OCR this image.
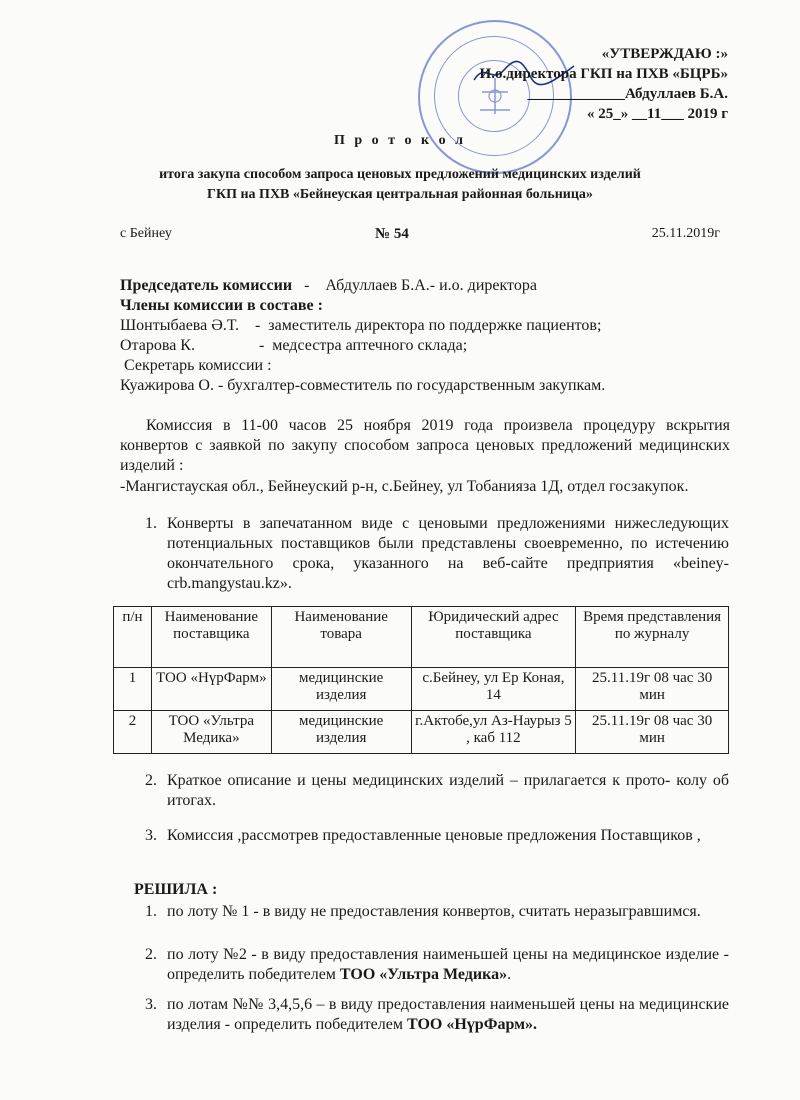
«УТВЕРЖДАЮ :»
И.о.директора ГКП на ПХВ «БЦРБ»
_____________Абдуллаев Б.А.
« 25_» __11___ 2019 г
П р о т о к о л
итога закупа способом запроса ценовых предложений медицинских изделий
ГКП на ПХВ «Бейнеуская центральная районная больница»
с Бейнеу	№ 54	25.11.2019г
Председатель комиссии   -    Абдуллаев Б.А.- и.о. директора
Члены комиссии в составе :
Шонтыбаева Ә.Т.    -  заместитель директора по поддержке пациентов;
Отарова К.                -  медсестра аптечного склада;
Секретарь комиссии :
Куажирова О. - бухгалтер-совместитель по государственным закупкам.
Комиссия в 11-00 часов 25 ноября 2019 года произвела процедуру вскрытия конвертов с заявкой по закупу способом запроса ценовых предложений медицинских изделий :
-Мангистауская обл., Бейнеуский р-н, с.Бейнеу, ул Тобанияза 1Д, отдел госзакупок.
1. Конверты в запечатанном виде с ценовыми предложениями нижеследующих потенциальных поставщиков были представлены своевременно, по истечению окончательного срока, указанного на веб-сайте предприятия «beiney-crb.mangystau.kz».
п/н	Наименование поставщика	Наименование товара	Юридический адрес поставщика	Время представления по журналу
1	ТОО «НүрФарм»	медицинские изделия	с.Бейнеу, ул Ер Коная, 14	25.11.19г 08 час 30 мин
2	ТОО «Ультра Медика»	медицинские изделия	г.Актобе,ул Аз-Наурыз 5 , каб 112	25.11.19г 08 час 30 мин
2. Краткое описание и цены медицинских изделий – прилагается к прото- колу об итогах.
3. Комиссия ,рассмотрев предоставленные ценовые предложения Поставщиков ,
РЕШИЛА :
1. по лоту № 1 - в виду не предоставления конвертов, считать неразыгравшимся.
2. по лоту №2 - в виду предоставления наименьшей цены на медицинское изделие - определить победителем ТОО «Ультра Медика».
3. по лотам №№ 3,4,5,6 – в виду предоставления наименьшей цены на медицинские изделия - определить победителем ТОО «НүрФарм».
